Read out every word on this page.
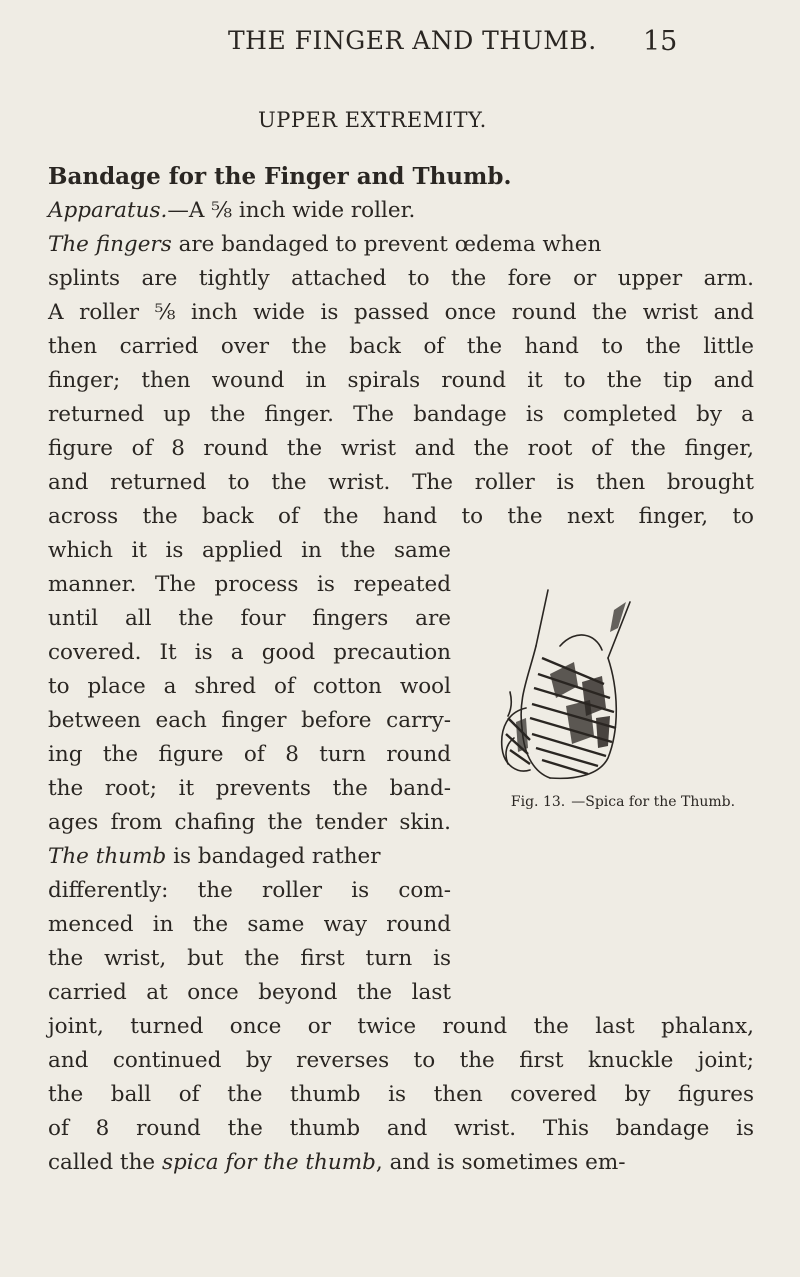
THE FINGER AND THUMB. 15
UPPER EXTREMITY.
Bandage for the Finger and Thumb.
Apparatus.—A ⅝ inch wide roller.
The fingers are bandaged to prevent œdema when
splints are tightly attached to the fore or upper arm.
A roller ⅝ inch wide is passed once round the wrist and
then carried over the back of the hand to the little
finger; then wound in spirals round it to the tip and
returned up the finger. The bandage is completed by a
figure of 8 round the wrist and the root of the finger,
and returned to the wrist. The roller is then brought
across the back of the hand to the next finger, to
which it is applied in the same
manner. The process is repeated
until all the four fingers are
covered. It is a good precaution
to place a shred of cotton wool
between each finger before carry-
ing the figure of 8 turn round
the root; it prevents the band-
ages from chafing the tender skin.
The thumb is bandaged rather
differently: the roller is com-
menced in the same way round
the wrist, but the first turn is
carried at once beyond the last
joint, turned once or twice round the last phalanx,
and continued by reverses to the first knuckle joint;
the ball of the thumb is then covered by figures
of 8 round the thumb and wrist. This bandage is
called the spica for the thumb, and is sometimes em-
Fig. 13. —Spica for the Thumb.
